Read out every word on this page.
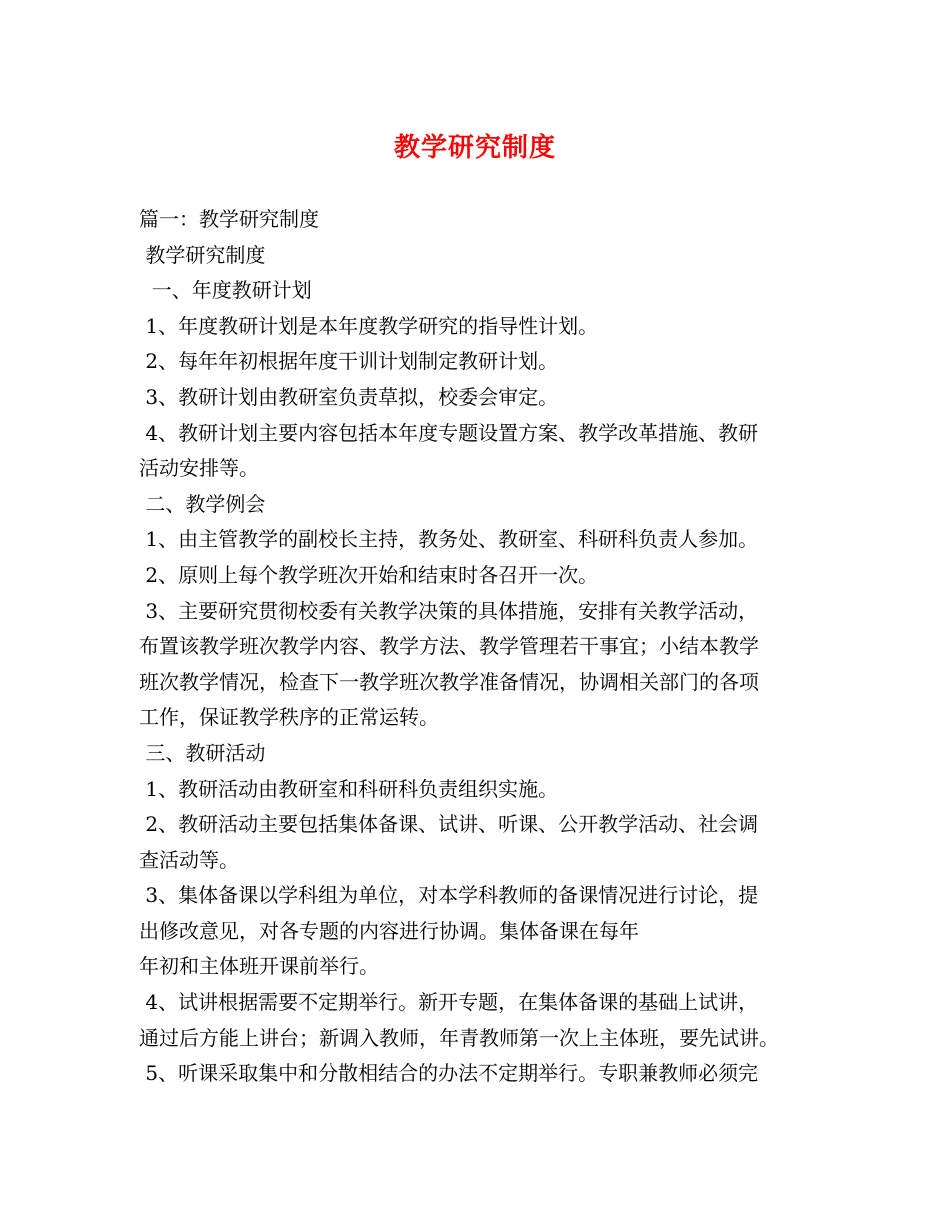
教学研究制度
篇一：教学研究制度
教学研究制度
一、年度教研计划
1、年度教研计划是本年度教学研究的指导性计划。
2、每年年初根据年度干训计划制定教研计划。
3、教研计划由教研室负责草拟，校委会审定。
4、教研计划主要内容包括本年度专题设置方案、教学改革措施、教研
活动安排等。
二、教学例会
1、由主管教学的副校长主持，教务处、教研室、科研科负责人参加。
2、原则上每个教学班次开始和结束时各召开一次。
3、主要研究贯彻校委有关教学决策的具体措施，安排有关教学活动，
布置该教学班次教学内容、教学方法、教学管理若干事宜；小结本教学
班次教学情况，检查下一教学班次教学准备情况，协调相关部门的各项
工作，保证教学秩序的正常运转。
三、教研活动
1、教研活动由教研室和科研科负责组织实施。
2、教研活动主要包括集体备课、试讲、听课、公开教学活动、社会调
查活动等。
3、集体备课以学科组为单位，对本学科教师的备课情况进行讨论，提
出修改意见，对各专题的内容进行协调。集体备课在每年
年初和主体班开课前举行。
4、试讲根据需要不定期举行。新开专题，在集体备课的基础上试讲，
通过后方能上讲台；新调入教师，年青教师第一次上主体班，要先试讲。
5、听课采取集中和分散相结合的办法不定期举行。专职兼教师必须完
